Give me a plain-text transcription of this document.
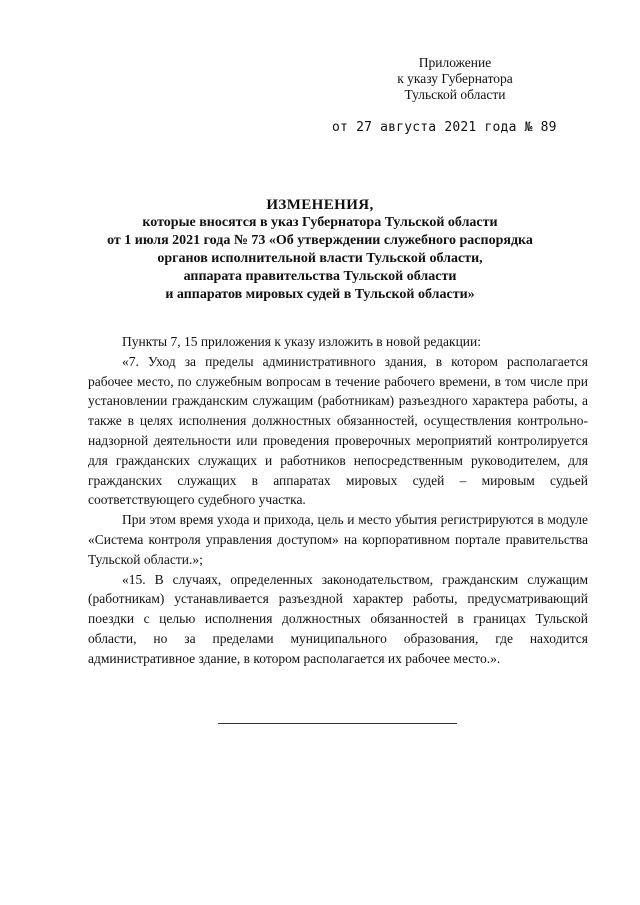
Приложение
к указу Губернатора
Тульской области
от 27 августа 2021 года № 89
ИЗМЕНЕНИЯ,
которые вносятся в указ Губернатора Тульской области
от 1 июля 2021 года № 73 «Об утверждении служебного распорядка
органов исполнительной власти Тульской области,
аппарата правительства Тульской области
и аппаратов мировых судей в Тульской области»

Пункты 7, 15 приложения к указу изложить в новой редакции:

«7. Уход за пределы административного здания, в котором располагается рабочее место, по служебным вопросам в течение рабочего времени, в том числе при установлении гражданским служащим (работникам) разъездного характера работы, а также в целях исполнения должностных обязанностей, осуществления контрольно-надзорной деятельности или проведения проверочных мероприятий контролируется для гражданских служащих и работников непосредственным руководителем, для гражданских служащих в аппаратах мировых судей – мировым судьей соответствующего судебного участка.

При этом время ухода и прихода, цель и место убытия регистрируются в модуле «Система контроля управления доступом» на корпоративном портале правительства Тульской области.»;

«15. В случаях, определенных законодательством, гражданским служащим (работникам) устанавливается разъездной характер работы, предусматривающий поездки с целью исполнения должностных обязанностей в границах Тульской области, но за пределами муниципального образования, где находится административное здание, в котором располагается их рабочее место.».
